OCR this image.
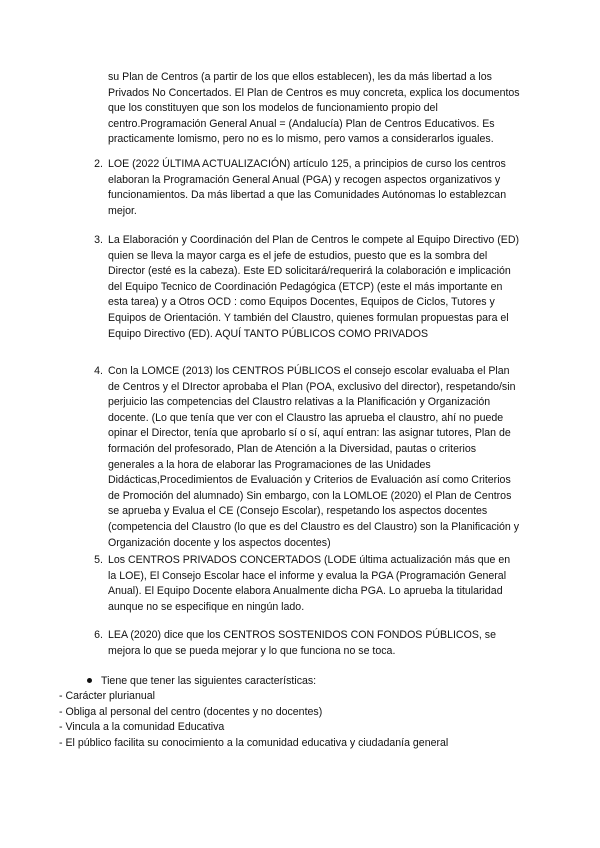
su Plan de Centros (a partir de los que ellos establecen), les da más libertad a los Privados No Concertados. El Plan de Centros es muy concreta, explica los documentos que los constituyen que son los modelos de funcionamiento propio del centro.Programación General Anual = (Andalucía) Plan de Centros Educativos. Es practicamente lomismo, pero no es lo mismo, pero vamos a considerarlos iguales.

2. LOE (2022 ÚLTIMA ACTUALIZACIÓN) artículo 125, a principios de curso los centros elaboran la Programación General Anual (PGA) y recogen aspectos organizativos y funcionamientos. Da más libertad a que las Comunidades Autónomas lo establezcan mejor.

3. La Elaboración y Coordinación del Plan de Centros le compete al Equipo Directivo (ED) quien se lleva la mayor carga es el jefe de estudios, puesto que es la sombra del Director (esté es la cabeza). Este ED solicitará/requerirá la colaboración e implicación del Equipo Tecnico de Coordinación Pedagógica (ETCP) (este el más importante en esta tarea) y a Otros OCD : como Equipos Docentes, Equipos de Ciclos, Tutores y Equipos de Orientación. Y también del Claustro, quienes formulan propuestas para el Equipo Directivo (ED). AQUÍ TANTO PÚBLICOS COMO PRIVADOS

4. Con la LOMCE (2013) los CENTROS PÚBLICOS el consejo escolar evaluaba el Plan de Centros y el DIrector aprobaba el Plan (POA, exclusivo del director), respetando/sin perjuicio las competencias del Claustro relativas a la Planificación y Organización docente. (Lo que tenía que ver con el Claustro las aprueba el claustro, ahí no puede opinar el Director, tenía que aprobarlo sí o sí, aquí entran: las asignar tutores, Plan de formación del profesorado, Plan de Atención a la Diversidad, pautas o criterios generales a la hora de elaborar las Programaciones de las Unidades Didácticas,Procedimientos de Evaluación y Criterios de Evaluación así como Criterios de Promoción del alumnado) Sin embargo, con la LOMLOE (2020) el Plan de Centros se aprueba y Evalua el CE (Consejo Escolar), respetando los aspectos docentes (competencia del Claustro (lo que es del Claustro es del Claustro) son la Planificación y Organización docente y los aspectos docentes)

5. Los CENTROS PRIVADOS CONCERTADOS (LODE última actualización más que en la LOE), El Consejo Escolar hace el informe y evalua la PGA (Programación General Anual). El Equipo Docente elabora Anualmente dicha PGA. Lo aprueba la titularidad aunque no se especifique en ningún lado.

6. LEA (2020) dice que los CENTROS SOSTENIDOS CON FONDOS PÚBLICOS, se mejora lo que se pueda mejorar y lo que funciona no se toca.

Tiene que tener las siguientes características:
- Carácter plurianual
- Obliga al personal del centro (docentes y no docentes)
- Vincula a la comunidad Educativa
- El público facilita su conocimiento a la comunidad educativa y ciudadanía general
